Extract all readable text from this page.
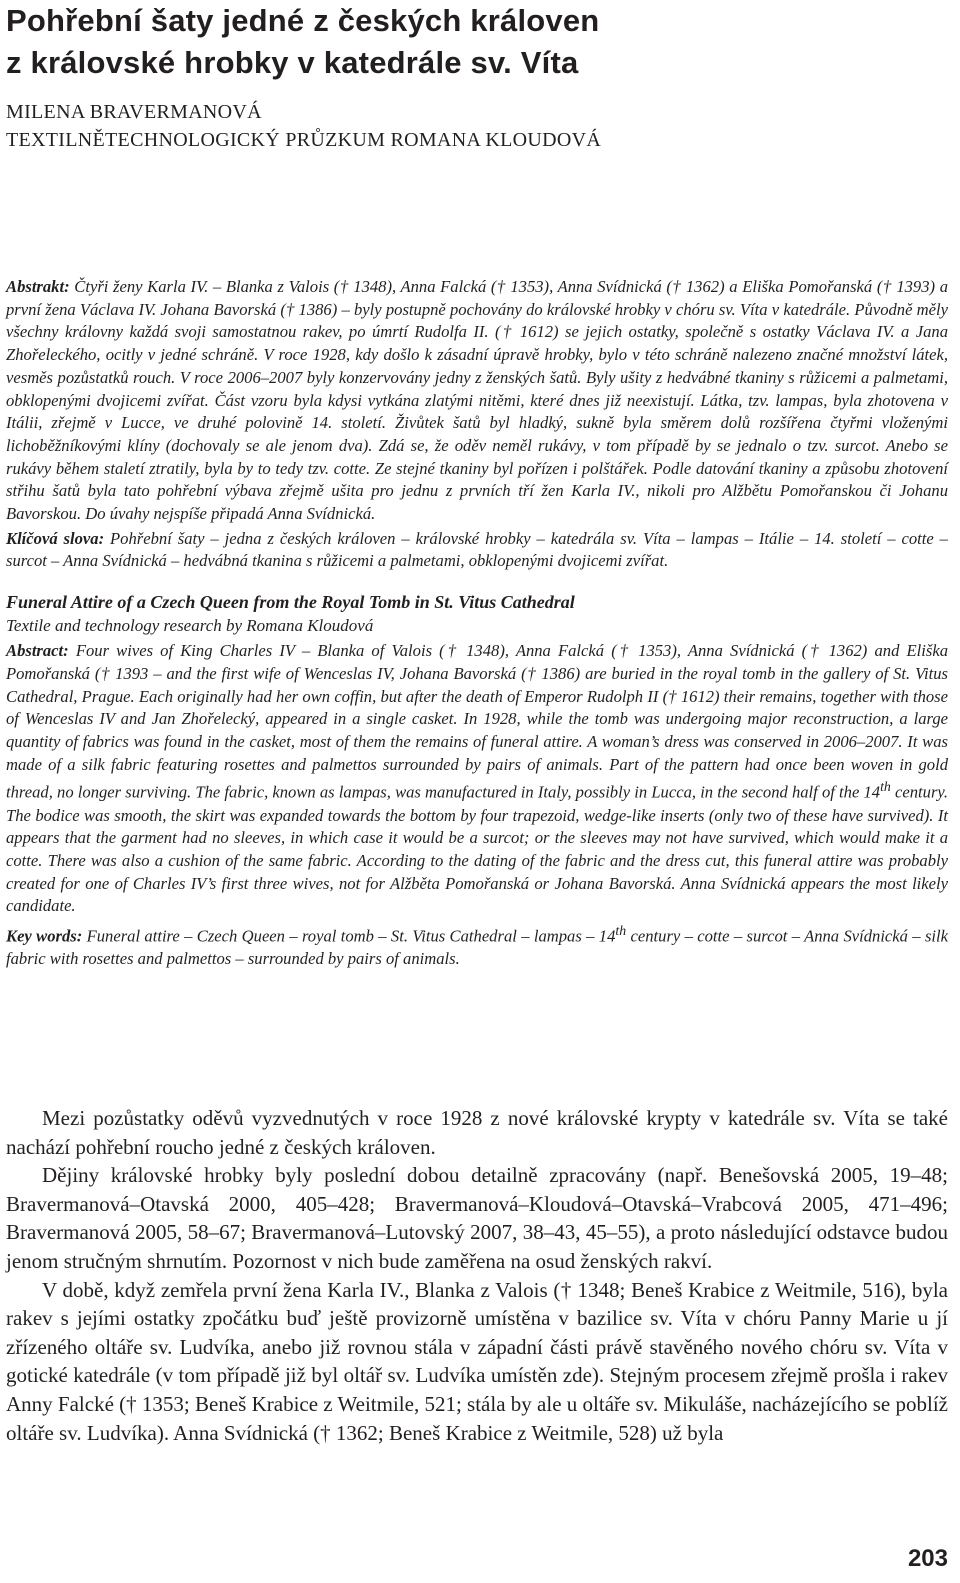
Pohřební šaty jedné z českých královen
z královské hrobky v katedrále sv. Víta

MILENA BRAVERMANOVÁ

TEXTILNĚTECHNOLOGICKÝ PRŮZKUM ROMANA KLOUDOVÁ

Abstrakt: Čtyři ženy Karla IV. – Blanka z Valois († 1348), Anna Falcká († 1353), Anna Svídnická († 1362) a Eliška Pomořanská († 1393) a první žena Václava IV. Johana Bavorská († 1386) – byly postupně pochovány do královské hrobky v chóru sv. Víta v katedrále. Původně měly všechny královny každá svoji samostatnou rakev, po úmrtí Rudolfa II. († 1612) se jejich ostatky, společně s ostatky Václava IV. a Jana Zhořeleckého, ocitly v jedné schráně. V roce 1928, kdy došlo k zásadní úpravě hrobky, bylo v této schráně nalezeno značné množství látek, vesměs pozůstatků rouch. V roce 2006–2007 byly konzervovány jedny z ženských šatů. Byly ušity z hedvábné tkaniny s růžicemi a palmetami, obklopenými dvojicemi zvířat. Část vzoru byla kdysi vytkána zlatými nitěmi, které dnes již neexistují. Látka, tzv. lampas, byla zhotovena v Itálii, zřejmě v Lucce, ve druhé polovině 14. století. Živůtek šatů byl hladký, sukně byla směrem dolů rozšířena čtyřmi vloženými lichoběžníkovými klíny (dochovaly se ale jenom dva). Zdá se, že oděv neměl rukávy, v tom případě by se jednalo o tzv. surcot. Anebo se rukávy během staletí ztratily, byla by to tedy tzv. cotte. Ze stejné tkaniny byl pořízen i polštářek. Podle datování tkaniny a způsobu zhotovení střihu šatů byla tato pohřební výbava zřejmě ušita pro jednu z prvních tří žen Karla IV., nikoli pro Alžbětu Pomořanskou či Johanu Bavorskou. Do úvahy nejspíše připadá Anna Svídnická.

Klíčová slova: Pohřební šaty – jedna z českých královen – královské hrobky – katedrála sv. Víta – lampas – Itálie – 14. století – cotte – surcot – Anna Svídnická – hedvábná tkanina s růžicemi a palmetami, obklopenými dvojicemi zvířat.

Funeral Attire of a Czech Queen from the Royal Tomb in St. Vitus Cathedral

Textile and technology research by Romana Kloudová

Abstract: Four wives of King Charles IV – Blanka of Valois († 1348), Anna Falcká († 1353), Anna Svídnická († 1362) and Eliška Pomořanská († 1393 – and the first wife of Wenceslas IV, Johana Bavorská († 1386) are buried in the royal tomb in the gallery of St. Vitus Cathedral, Prague. Each originally had her own coffin, but after the death of Emperor Rudolph II († 1612) their remains, together with those of Wenceslas IV and Jan Zhořelecký, appeared in a single casket. In 1928, while the tomb was undergoing major reconstruction, a large quantity of fabrics was found in the casket, most of them the remains of funeral attire. A woman’s dress was conserved in 2006–2007. It was made of a silk fabric featuring rosettes and palmettos surrounded by pairs of animals. Part of the pattern had once been woven in gold thread, no longer surviving. The fabric, known as lampas, was manufactured in Italy, possibly in Lucca, in the second half of the 14th century. The bodice was smooth, the skirt was expanded towards the bottom by four trapezoid, wedge-like inserts (only two of these have survived). It appears that the garment had no sleeves, in which case it would be a surcot; or the sleeves may not have survived, which would make it a cotte. There was also a cushion of the same fabric. According to the dating of the fabric and the dress cut, this funeral attire was probably created for one of Charles IV’s first three wives, not for Alžběta Pomořanská or Johana Bavorská. Anna Svídnická appears the most likely candidate.

Key words: Funeral attire – Czech Queen – royal tomb – St. Vitus Cathedral – lampas – 14th century – cotte – surcot – Anna Svídnická – silk fabric with rosettes and palmettos – surrounded by pairs of animals.

Mezi pozůstatky oděvů vyzvednutých v roce 1928 z nové královské krypty v katedrále sv. Víta se také nachází pohřební roucho jedné z českých královen.

Dějiny královské hrobky byly poslední dobou detailně zpracovány (např. Benešovská 2005, 19–48; Bravermanová–Otavská 2000, 405–428; Bravermanová–Kloudová–Otavská–Vrabcová 2005, 471–496; Bravermanová 2005, 58–67; Bravermanová–Lutovský 2007, 38–43, 45–55), a proto následující odstavce budou jenom stručným shrnutím. Pozornost v nich bude zaměřena na osud ženských rakví.

V době, když zemřela první žena Karla IV., Blanka z Valois († 1348; Beneš Krabice z Weitmile, 516), byla rakev s jejími ostatky zpočátku buď ještě provizorně umístěna v bazilice sv. Víta v chóru Panny Marie u jí zřízeného oltáře sv. Ludvíka, anebo již rovnou stála v západní části právě stavěného nového chóru sv. Víta v gotické katedrále (v tom případě již byl oltář sv. Ludvíka umístěn zde). Stejným procesem zřejmě prošla i rakev Anny Falcké († 1353; Beneš Krabice z Weitmile, 521; stála by ale u oltáře sv. Mikuláše, nacházejícího se poblíž oltáře sv. Ludvíka). Anna Svídnická († 1362; Beneš Krabice z Weitmile, 528) už byla

203
